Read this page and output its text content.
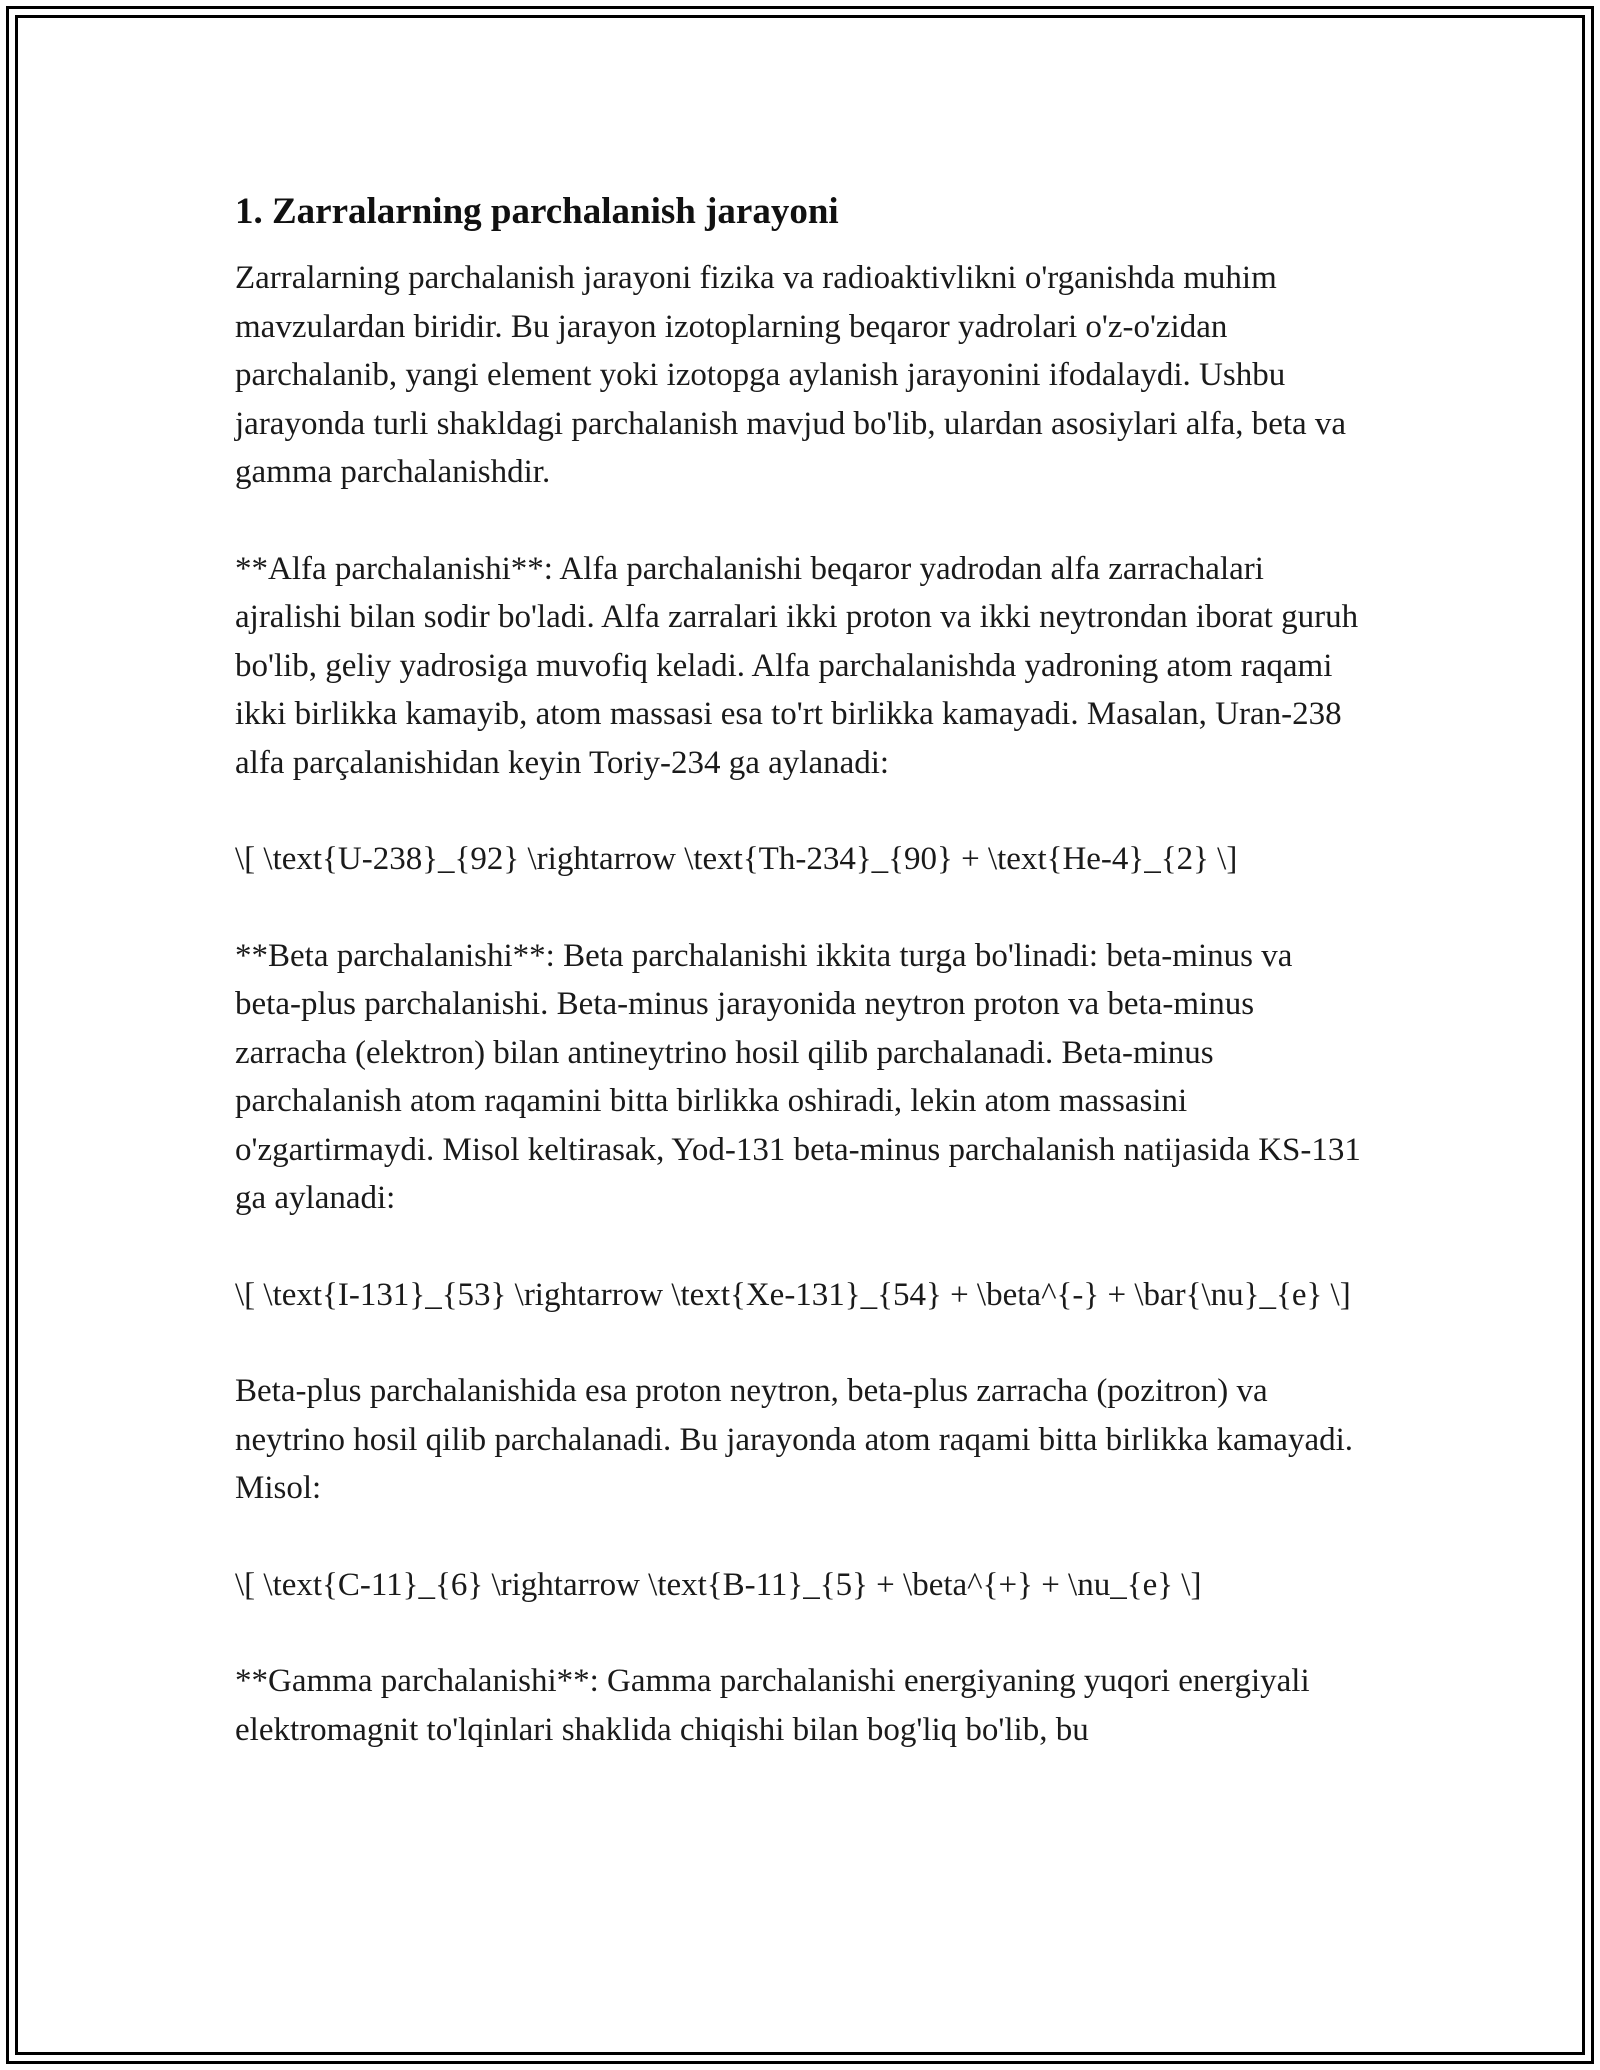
1. Zarralarning parchalanish jarayoni

Zarralarning parchalanish jarayoni fizika va radioaktivlikni o'rganishda muhim mavzulardan biridir. Bu jarayon izotoplarning beqaror yadrolari o'z-o'zidan parchalanib, yangi element yoki izotopga aylanish jarayonini ifodalaydi. Ushbu jarayonda turli shakldagi parchalanish mavjud bo'lib, ulardan asosiylari alfa, beta va gamma parchalanishdir.

**Alfa parchalanishi**: Alfa parchalanishi beqaror yadrodan alfa zarrachalari ajralishi bilan sodir bo'ladi. Alfa zarralari ikki proton va ikki neytrondan iborat guruh bo'lib, geliy yadrosiga muvofiq keladi. Alfa parchalanishda yadroning atom raqami ikki birlikka kamayib, atom massasi esa to'rt birlikka kamayadi. Masalan, Uran-238 alfa parçalanishidan keyin Toriy-234 ga aylanadi:

\[ \text{U-238}_{92} \rightarrow \text{Th-234}_{90} + \text{He-4}_{2} \]

**Beta parchalanishi**: Beta parchalanishi ikkita turga bo'linadi: beta-minus va beta-plus parchalanishi. Beta-minus jarayonida neytron proton va beta-minus zarracha (elektron) bilan antineytrino hosil qilib parchalanadi. Beta-minus parchalanish atom raqamini bitta birlikka oshiradi, lekin atom massasini o'zgartirmaydi. Misol keltirasak, Yod-131 beta-minus parchalanish natijasida KS-131 ga aylanadi:

\[ \text{I-131}_{53} \rightarrow \text{Xe-131}_{54} + \beta^{-} + \bar{\nu}_{e} \]

Beta-plus parchalanishida esa proton neytron, beta-plus zarracha (pozitron) va neytrino hosil qilib parchalanadi. Bu jarayonda atom raqami bitta birlikka kamayadi. Misol:

\[ \text{C-11}_{6} \rightarrow \text{B-11}_{5} + \beta^{+} + \nu_{e} \]

**Gamma parchalanishi**: Gamma parchalanishi energiyaning yuqori energiyali elektromagnit to'lqinlari shaklida chiqishi bilan bog'liq bo'lib, bu
